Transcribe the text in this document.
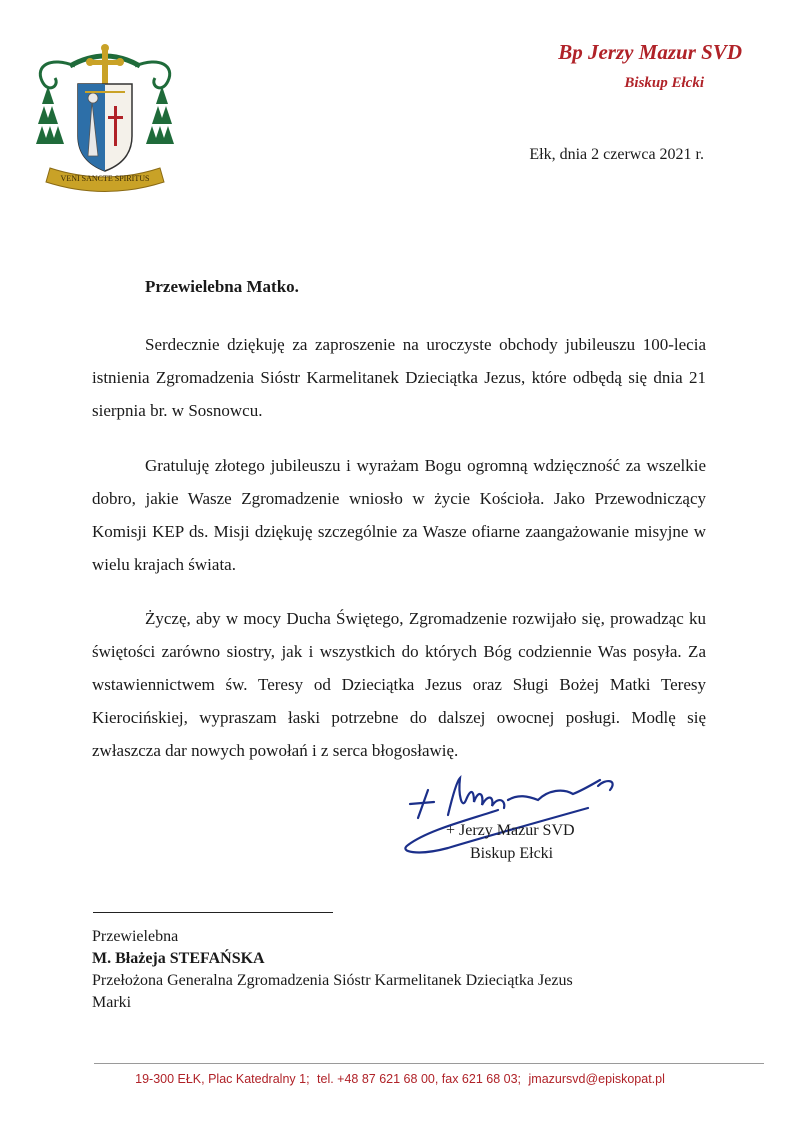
VENI SANCTE SPIRITUS
Bp Jerzy Mazur SVD
Biskup Ełcki
Ełk, dnia 2 czerwca 2021 r.
Przewielebna Matko.

Serdecznie dziękuję za zaproszenie na uroczyste obchody jubileuszu 100-lecia istnienia Zgromadzenia Sióstr Karmelitanek Dzieciątka Jezus, które odbędą się dnia 21 sierpnia br. w Sosnowcu.

Gratuluję złotego jubileuszu i wyrażam Bogu ogromną wdzięczność za wszelkie dobro, jakie Wasze Zgromadzenie wniosło w życie Kościoła. Jako Przewodniczący Komisji KEP ds. Misji dziękuję szczególnie za Wasze ofiarne zaangażowanie misyjne w wielu krajach świata.

Życzę, aby w mocy Ducha Świętego, Zgromadzenie rozwijało się, prowadząc ku świętości zarówno siostry, jak i wszystkich do których Bóg codziennie Was posyła. Za wstawiennictwem św. Teresy od Dzieciątka Jezus oraz Sługi Bożej Matki Teresy Kierocińskiej, wypraszam łaski potrzebne do dalszej owocnej posługi. Modlę się zwłaszcza dar nowych powołań i z serca błogosławię.

+ Jerzy Mazur SVD
Biskup Ełcki
Przewielebna
M. Błażeja STEFAŃSKA
Przełożona Generalna Zgromadzenia Sióstr Karmelitanek Dzieciątka Jezus
Marki
19-300 EŁK, Plac Katedralny 1; tel. +48 87 621 68 00, fax 621 68 03; jmazursvd@episkopat.pl
